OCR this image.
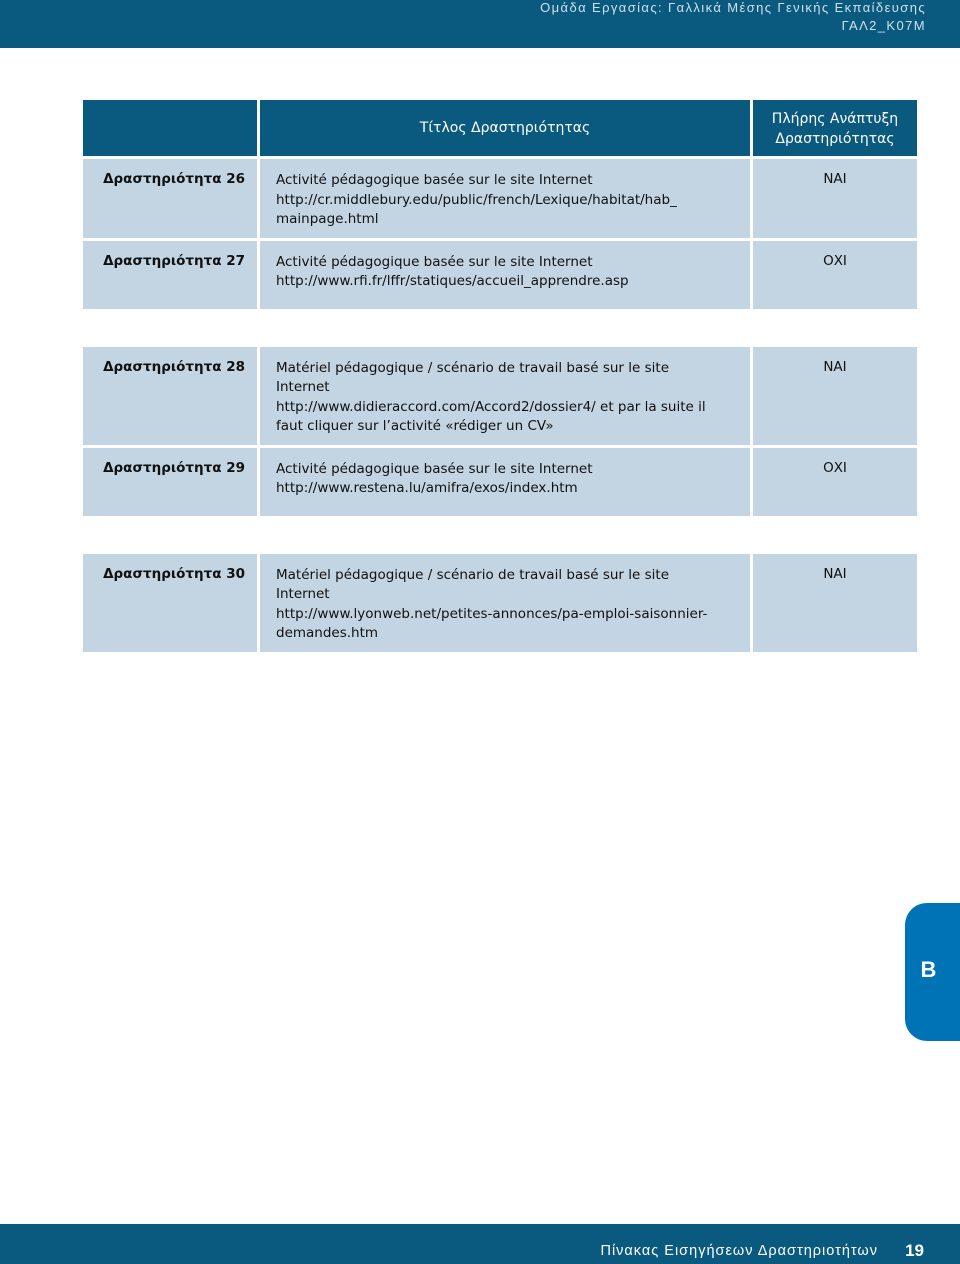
Ομάδα Εργασίας: Γαλλικά Μέσης Γενικής Εκπαίδευσης
ΓΑΛ2_Κ07Μ
	Τίτλος Δραστηριότητας	Πλήρης Ανάπτυξη
Δραστηριότητας
Δραστηριότητα 26	Activité pédagogique basée sur le site Internet
http://cr.middlebury.edu/public/french/Lexique/habitat/hab_
mainpage.html	ΝΑΙ
Δραστηριότητα 27	Activité pédagogique basée sur le site Internet
http://www.rfi.fr/lffr/statiques/accueil_apprendre.asp	ΟΧΙ

Δραστηριότητα 28	Matériel pédagogique / scénario de travail basé sur le site
Internet
http://www.didieraccord.com/Accord2/dossier4/ et par la suite il
faut cliquer sur l’activité «rédiger un CV»	ΝΑΙ
Δραστηριότητα 29	Activité pédagogique basée sur le site Internet
http://www.restena.lu/amifra/exos/index.htm	ΟΧΙ

Δραστηριότητα 30	Matériel pédagogique / scénario de travail basé sur le site
Internet
http://www.lyonweb.net/petites-annonces/pa-emploi-saisonnier-
demandes.htm	ΝΑΙ
B
Πίνακας Εισηγήσεων Δραστηριοτήτων 19
